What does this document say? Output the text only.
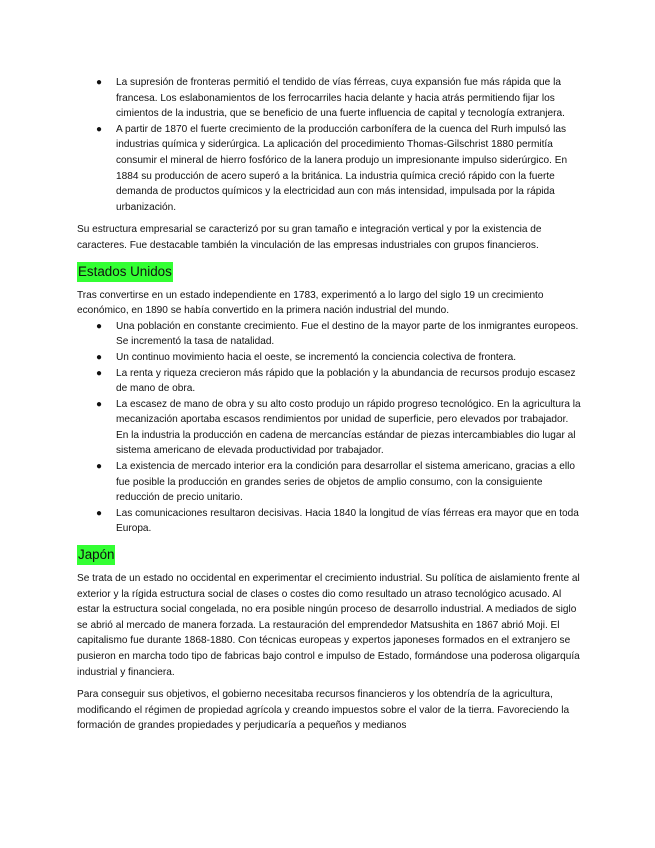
● La supresión de fronteras permitió el tendido de vías férreas, cuya expansión fue más rápida que la francesa. Los eslabonamientos de los ferrocarriles hacia delante y hacia atrás permitiendo fijar los cimientos de la industria, que se beneficio de una fuerte influencia de capital y tecnología extranjera.
● A partir de 1870 el fuerte crecimiento de la producción carbonífera de la cuenca del Rurh impulsó las industrias química y siderúrgica. La aplicación del procedimiento Thomas-Gilschrist 1880 permitía consumir el mineral de hierro fosfórico de la lanera produjo un impresionante impulso siderúrgico. En 1884 su producción de acero superó a la británica. La industria química creció rápido con la fuerte demanda de productos químicos y la electricidad aun con más intensidad, impulsada por la rápida urbanización.

Su estructura empresarial se caracterizó por su gran tamaño e integración vertical y por la existencia de caracteres. Fue destacable también la vinculación de las empresas industriales con grupos financieros.

Estados Unidos

Tras convertirse en un estado independiente en 1783, experimentó a lo largo del siglo 19 un crecimiento económico, en 1890 se había convertido en la primera nación industrial del mundo.

● Una población en constante crecimiento. Fue el destino de la mayor parte de los inmigrantes europeos. Se incrementó la tasa de natalidad.
● Un continuo movimiento hacia el oeste, se incrementó la conciencia colectiva de frontera.
● La renta y riqueza crecieron más rápido que la población y la abundancia de recursos produjo escasez de mano de obra.
● La escasez de mano de obra y su alto costo produjo un rápido progreso tecnológico. En la agricultura la mecanización aportaba escasos rendimientos por unidad de superficie, pero elevados por trabajador. En la industria la producción en cadena de mercancías estándar de piezas intercambiables dio lugar al sistema americano de elevada productividad por trabajador.
● La existencia de mercado interior era la condición para desarrollar el sistema americano, gracias a ello fue posible la producción en grandes series de objetos de amplio consumo, con la consiguiente reducción de precio unitario.
● Las comunicaciones resultaron decisivas. Hacia 1840 la longitud de vías férreas era mayor que en toda Europa.
Japón

Se trata de un estado no occidental en experimentar el crecimiento industrial. Su política de aislamiento frente al exterior y la rígida estructura social de clases o costes dio como resultado un atraso tecnológico acusado. Al estar la estructura social congelada, no era posible ningún proceso de desarrollo industrial. A mediados de siglo se abrió al mercado de manera forzada. La restauración del emprendedor Matsushita en 1867 abrió Moji. El capitalismo fue durante 1868-1880. Con técnicas europeas y expertos japoneses formados en el extranjero se pusieron en marcha todo tipo de fabricas bajo control e impulso de Estado, formándose una poderosa oligarquía industrial y financiera.

Para conseguir sus objetivos, el gobierno necesitaba recursos financieros y los obtendría de la agricultura, modificando el régimen de propiedad agrícola y creando impuestos sobre el valor de la tierra. Favoreciendo la formación de grandes propiedades y perjudicaría a pequeños y medianos
